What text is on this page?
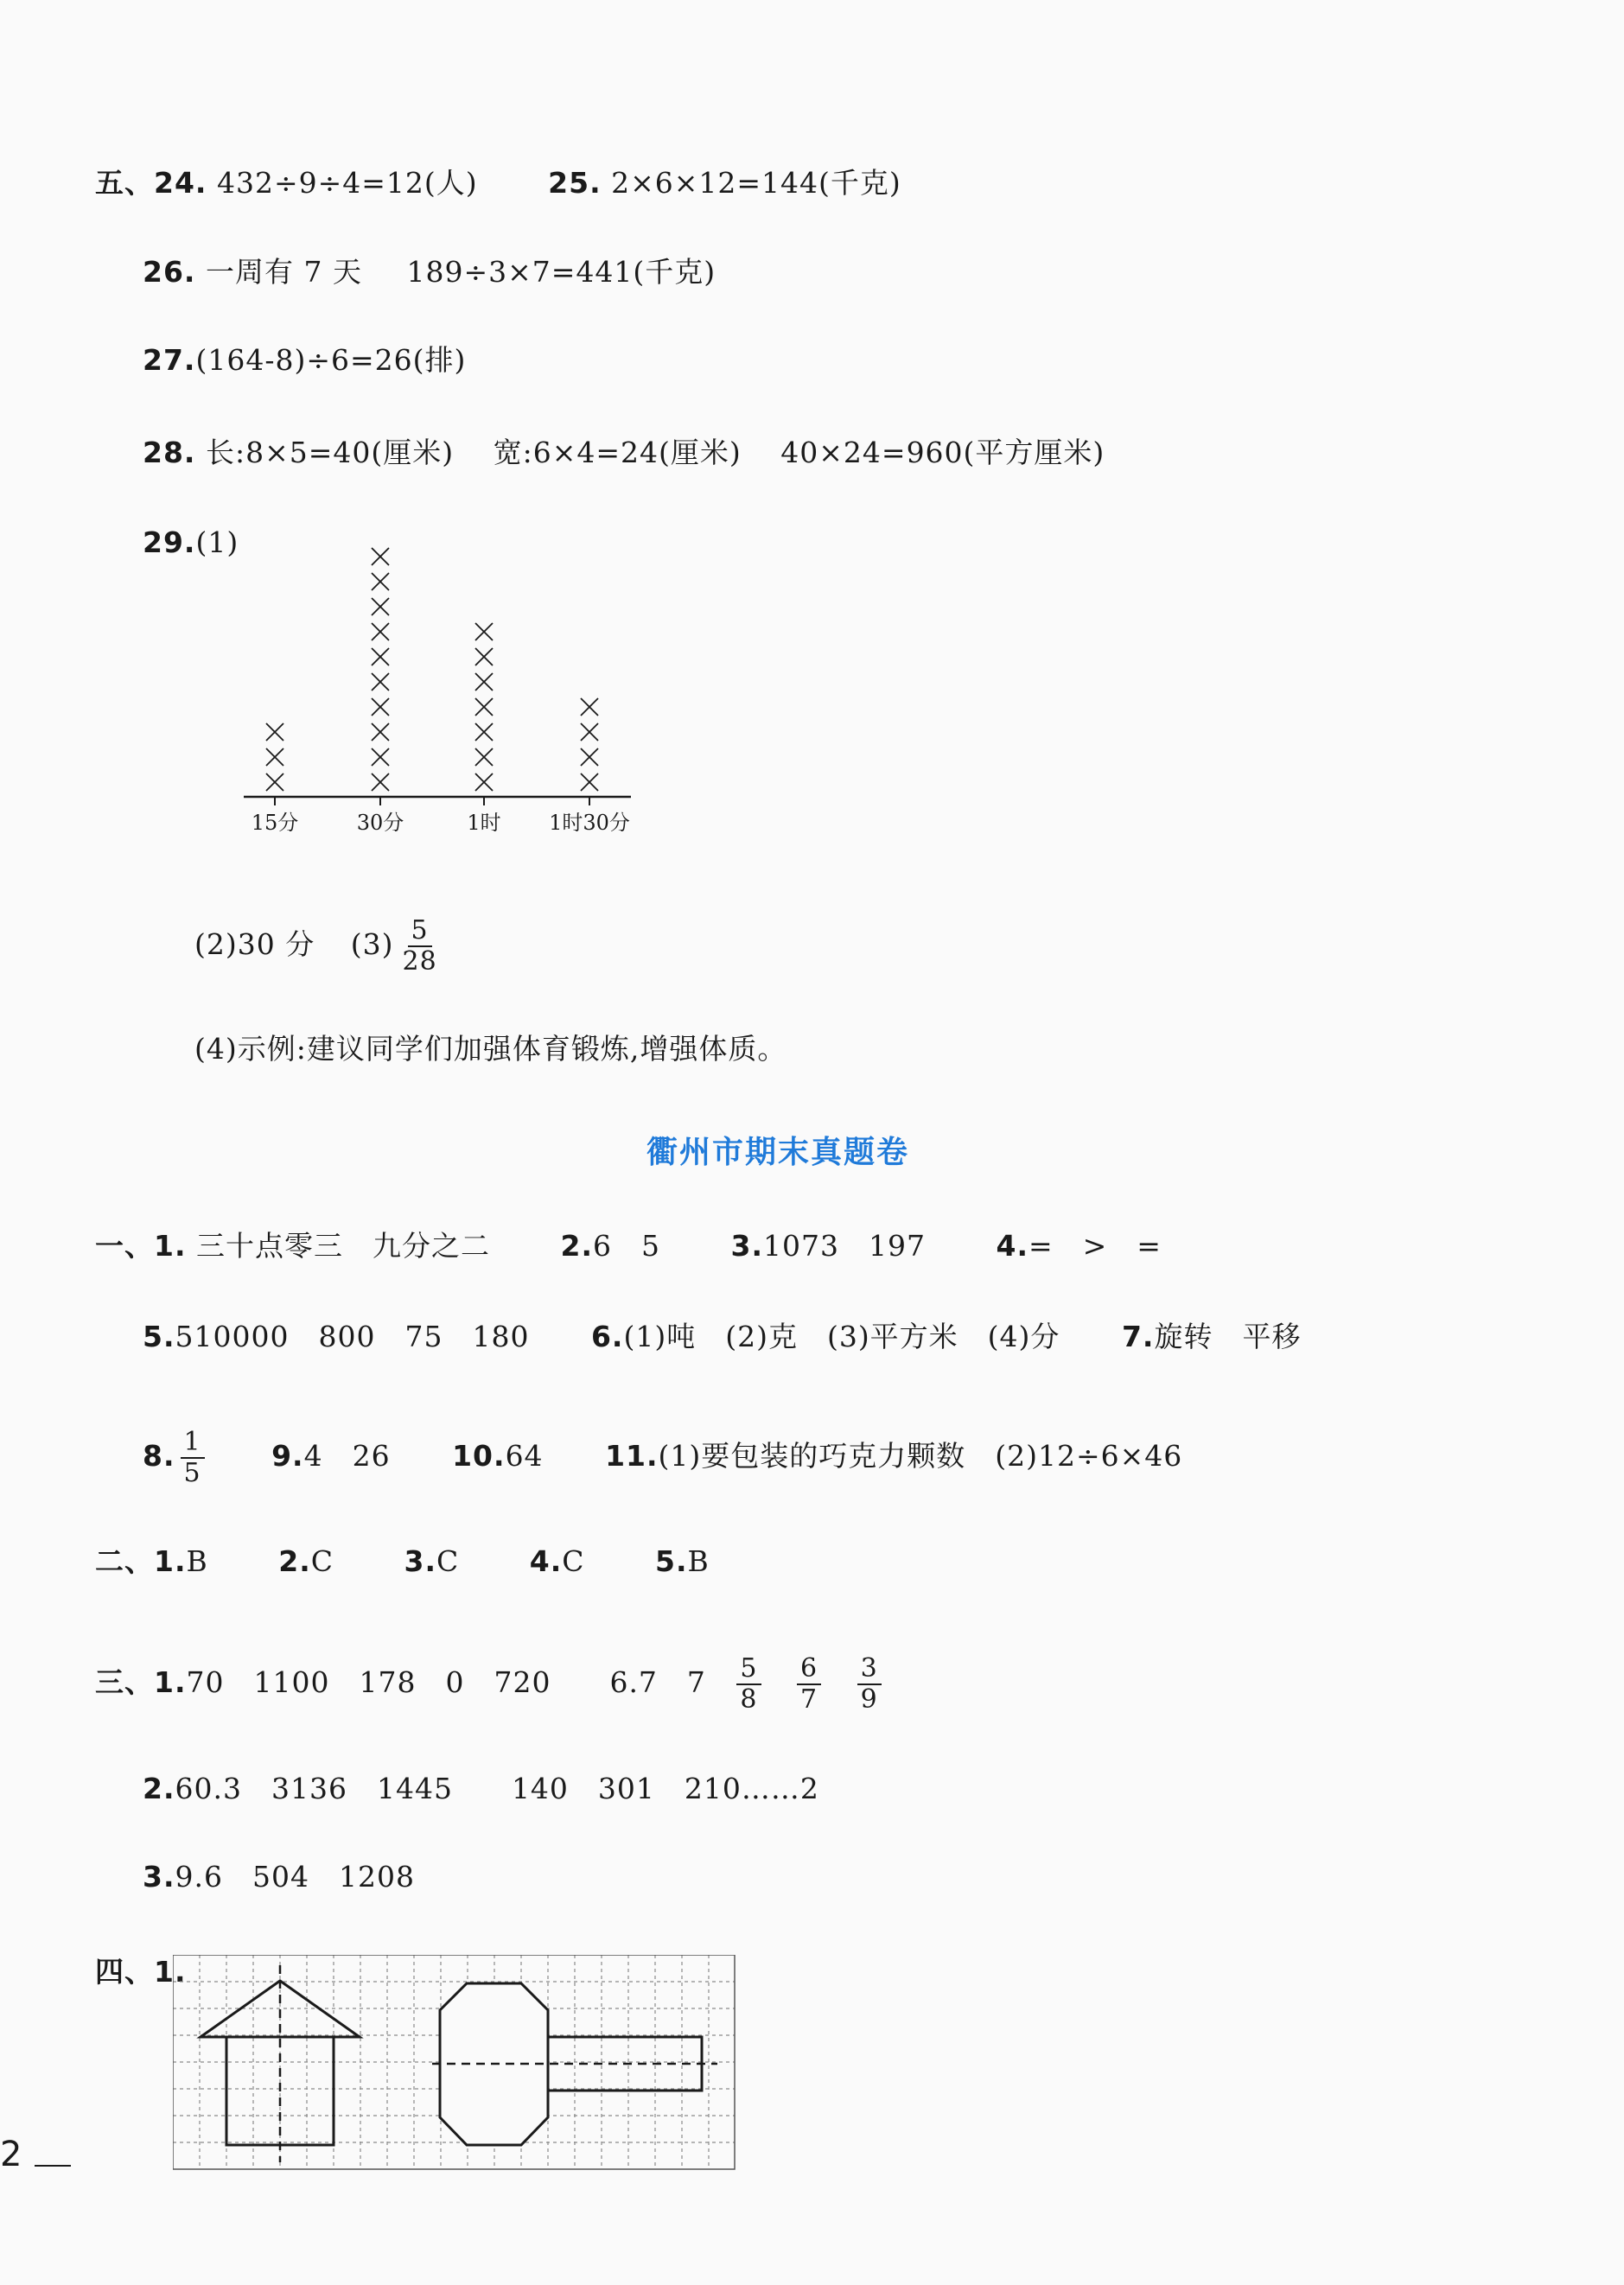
五、24. 432÷9÷4=12(人) 25. 2×6×12=144(千克)
26. 一周有 7 天 189÷3×7=441(千克)
27.(164-8)÷6=26(排)
28. 长:8×5=40(厘米) 宽:6×4=24(厘米) 40×24=960(平方厘米)
29.(1)
15分	30分	1时 1时30分
(2)30 分 $(3) \frac{5}{28}$
(4)示例:建议同学们加强体育锻炼,增强体质。
衢州市期末真题卷
一、1. 三十点零三　九分之二 2.6　5 3.1073　197 4.=　>　=
5.510000　800　75　180 6.(1)吨　(2)克　(3)平方米　(4)分 7.旋转　平移
8. $\frac{1}{5} 9.4$　26 10.64 11.(1)要包装的巧克力颗数　(2)12÷6×46
二、1.B 2.C 3.C 4.C 5.B
三、1.70　1100　178　0　720　　6.7　$7 \frac{5}{8}$
$\frac{6}{7}$
$\frac{3}{9}$
2.60.3　3136　1445　　140　301　210……2
3.9.6　504　1208
四、1.
2
